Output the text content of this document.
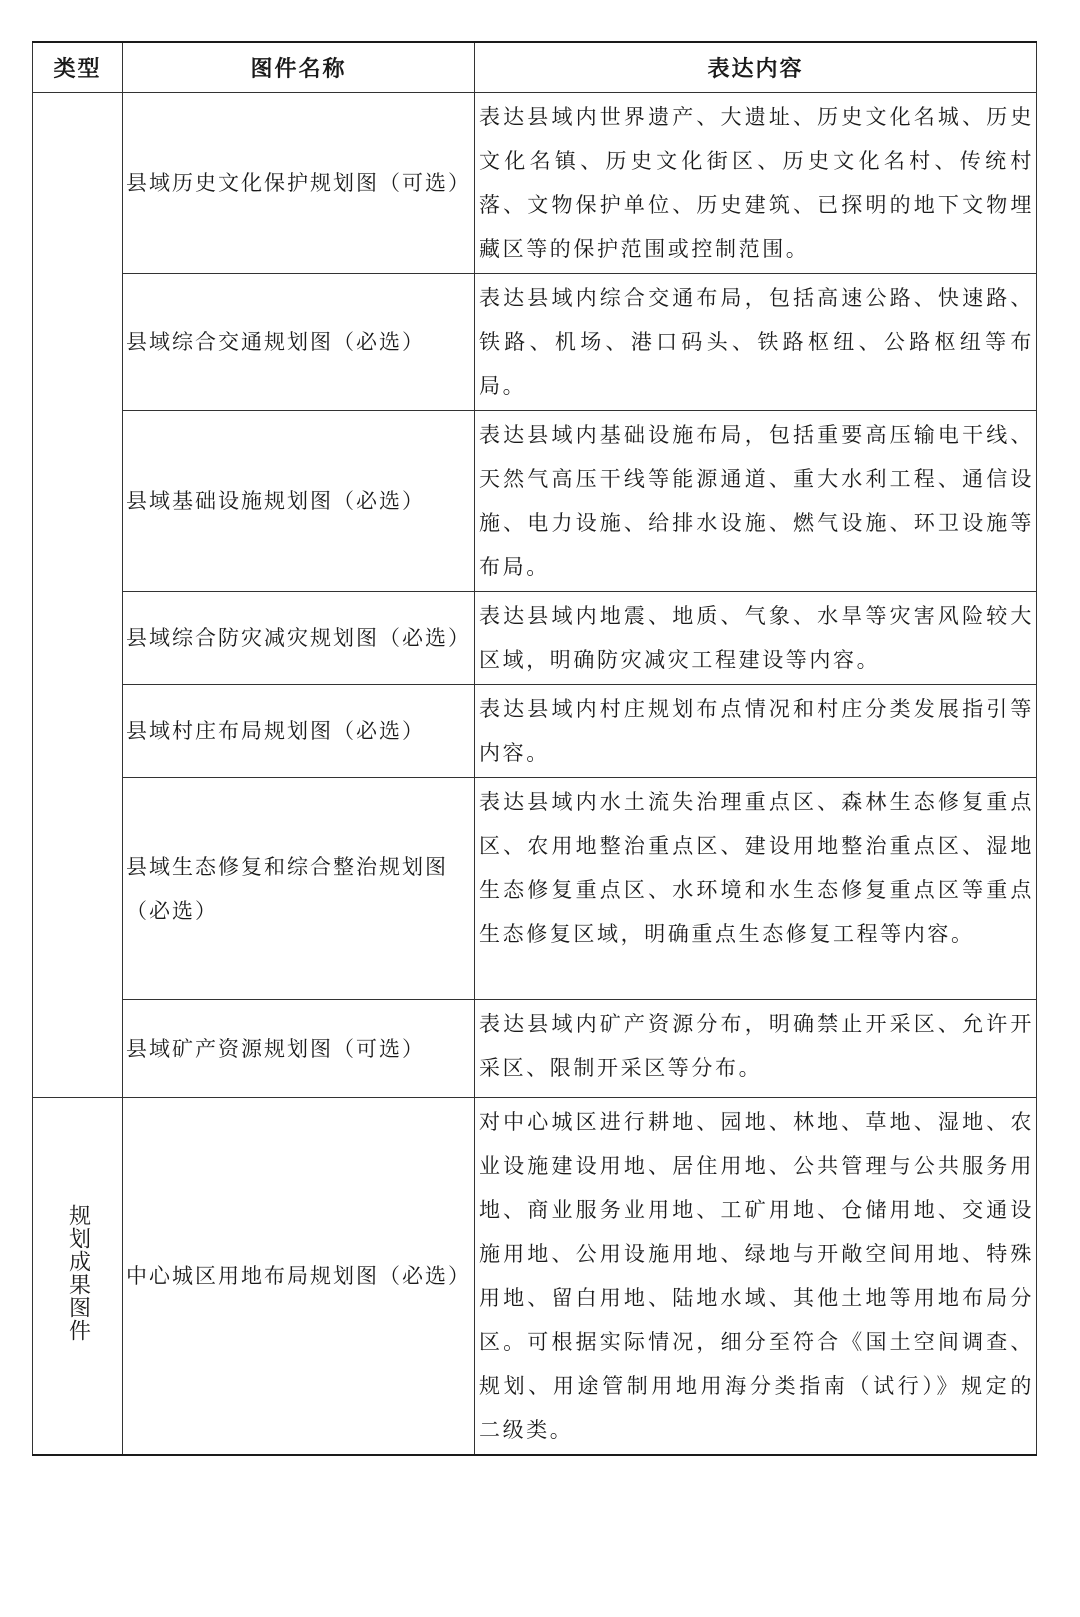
类型	图件名称	表达内容
	县域历史文化保护规划图（可选）	表达县域内世界遗产、大遗址、历史文化名城、历史文化名镇、历史文化街区、历史文化名村、传统村落、文物保护单位、历史建筑、已探明的地下文物埋藏区等的保护范围或控制范围。
	县域综合交通规划图（必选）	表达县域内综合交通布局，包括高速公路、快速路、铁路、机场、港口码头、铁路枢纽、公路枢纽等布局。
	县域基础设施规划图（必选）	表达县域内基础设施布局，包括重要高压输电干线、天然气高压干线等能源通道、重大水利工程、通信设施、电力设施、给排水设施、燃气设施、环卫设施等布局。
	县域综合防灾减灾规划图（必选）	表达县域内地震、地质、气象、水旱等灾害风险较大区域，明确防灾减灾工程建设等内容。
	县域村庄布局规划图（必选）	表达县域内村庄规划布点情况和村庄分类发展指引等内容。
	县域生态修复和综合整治规划图（必选）	表达县域内水土流失治理重点区、森林生态修复重点区、农用地整治重点区、建设用地整治重点区、湿地生态修复重点区、水环境和水生态修复重点区等重点生态修复区域，明确重点生态修复工程等内容。
	县域矿产资源规划图（可选）	表达县域内矿产资源分布，明确禁止开采区、允许开采区、限制开采区等分布。
规划成果图件	中心城区用地布局规划图（必选）	对中心城区进行耕地、园地、林地、草地、湿地、农业设施建设用地、居住用地、公共管理与公共服务用地、商业服务业用地、工矿用地、仓储用地、交通设施用地、公用设施用地、绿地与开敞空间用地、特殊用地、留白用地、陆地水域、其他土地等用地布局分区。可根据实际情况，细分至符合《国土空间调查、规划、用途管制用地用海分类指南（试行）》规定的二级类。
